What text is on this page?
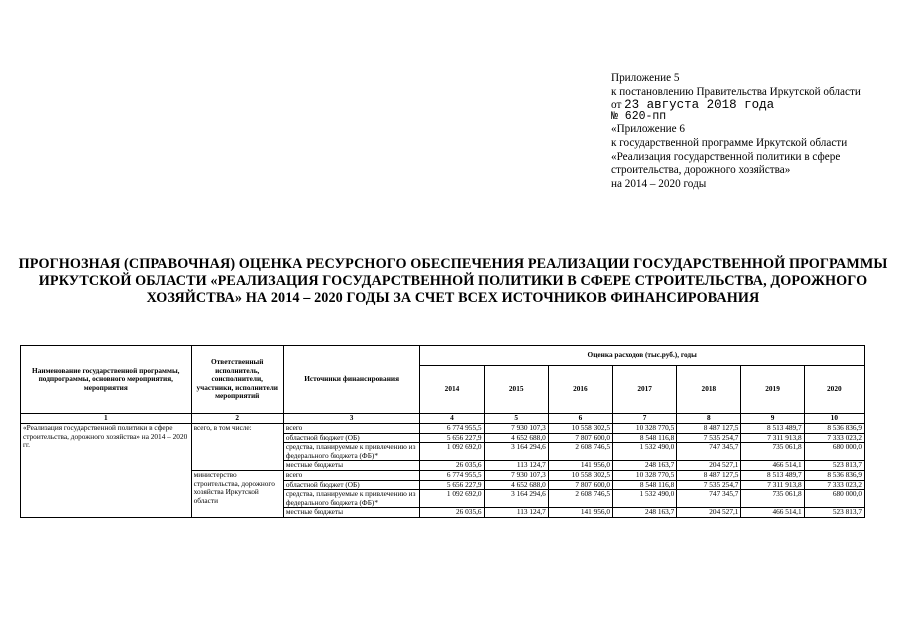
Приложение 5
к постановлению Правительства Иркутской области
от 23 августа 2018 года
№ 620-пп
«Приложение 6
к государственной программе Иркутской области «Реализация государственной политики в сфере строительства, дорожного хозяйства»
на 2014 – 2020 годы
ПРОГНОЗНАЯ (СПРАВОЧНАЯ) ОЦЕНКА РЕСУРСНОГО ОБЕСПЕЧЕНИЯ РЕАЛИЗАЦИИ ГОСУДАРСТВЕННОЙ ПРОГРАММЫ ИРКУТСКОЙ ОБЛАСТИ «РЕАЛИЗАЦИЯ ГОСУДАРСТВЕННОЙ ПОЛИТИКИ В СФЕРЕ СТРОИТЕЛЬСТВА, ДОРОЖНОГО ХОЗЯЙСТВА» НА 2014 – 2020 ГОДЫ ЗА СЧЕТ ВСЕХ ИСТОЧНИКОВ ФИНАНСИРОВАНИЯ
Наименование государственной программы, подпрограммы, основного мероприятия, мероприятия	Ответственный исполнитель, соисполнители, участники, исполнители мероприятий	Источники финансирования	Оценка расходов (тыс.руб.), годы						
			2014	2015	2016	2017	2018	2019	2020
1	2	3	4	5	6	7	8	9	10
«Реализация государственной политики в сфере строительства, дорожного хозяйства» на 2014 – 2020 гг.	всего, в том числе:	всего	6 774 955,5	7 930 107,3	10 558 302,5	10 328 770,5	8 487 127,5	8 513 489,7	8 536 836,9
		областной бюджет (ОБ)	5 656 227,9	4 652 688,0	7 807 600,0	8 548 116,8	7 535 254,7	7 311 913,8	7 333 023,2
		средства, планируемые к привлечению из федерального бюджета (ФБ)*	1 092 692,0	3 164 294,6	2 608 746,5	1 532 490,0	747 345,7	735 061,8	680 000,0
		местные бюджеты	26 035,6	113 124,7	141 956,0	248 163,7	204 527,1	466 514,1	523 813,7
	министерство строительства, дорожного хозяйства Иркутской области	всего	6 774 955,5	7 930 107,3	10 558 302,5	10 328 770,5	8 487 127,5	8 513 489,7	8 536 836,9
		областной бюджет (ОБ)	5 656 227,9	4 652 688,0	7 807 600,0	8 548 116,8	7 535 254,7	7 311 913,8	7 333 023,2
		средства, планируемые к привлечению из федерального бюджета (ФБ)*	1 092 692,0	3 164 294,6	2 608 746,5	1 532 490,0	747 345,7	735 061,8	680 000,0
		местные бюджеты	26 035,6	113 124,7	141 956,0	248 163,7	204 527,1	466 514,1	523 813,7
